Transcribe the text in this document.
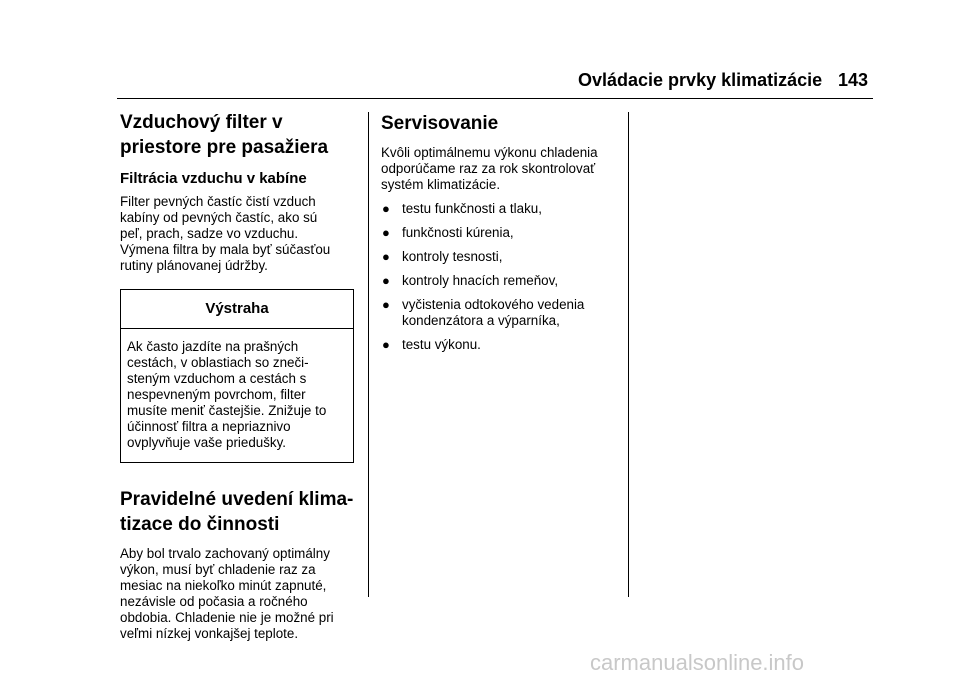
Ovládacie prvky klimatizácie 143
Vzduchový filter v
priestore pre pasažiera
Filtrácia vzduchu v kabíne

Filter pevných častíc čistí vzduch
kabíny od pevných častíc, ako sú
peľ, prach, sadze vo vzduchu.
Výmena filtra by mala byť súčasťou
rutiny plánovanej údržby.

Výstraha

Ak často jazdíte na prašných
cestách, v oblastiach so zneči-
steným vzduchom a cestách s
nespevneným povrchom, filter
musíte meniť častejšie. Znižuje to
účinnosť filtra a nepriaznivo
ovplyvňuje vaše priedušky.

Pravidelné uvedení klima-
tizace do činnosti

Aby bol trvalo zachovaný optimálny
výkon, musí byť chladenie raz za
mesiac na niekoľko minút zapnuté,
nezávisle od počasia a ročného
obdobia. Chladenie nie je možné pri
veľmi nízkej vonkajšej teplote.

Servisovanie

Kvôli optimálnemu výkonu chladenia
odporúčame raz za rok skontrolovať
systém klimatizácie.

● testu funkčnosti a tlaku,
● funkčnosti kúrenia,
● kontroly tesnosti,
● kontroly hnacích remeňov,
● vyčistenia odtokového vedenia
kondenzátora a výparníka,
● testu výkonu.
carmanualsonline.info
